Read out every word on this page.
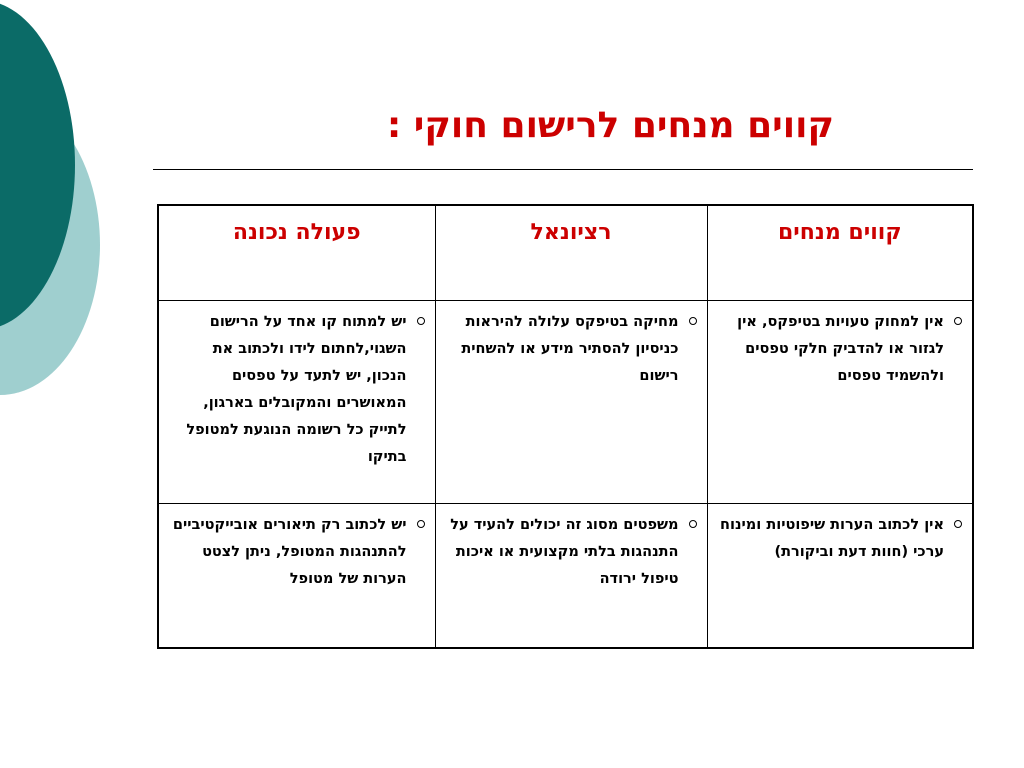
קווים מנחים לרישום חוקי :
קווים מנחים	רציונאל	פעולה נכונה

אין למחוק טעויות בטיפקס, אין לגזור או להדביק חלקי טפסים ולהשמיד טפסים	מחיקה בטיפקס עלולה להיראות כניסיון להסתיר מידע או להשחית רישום	יש למתוח קו אחד על הרישום השגוי,לחתום לידו ולכתוב את הנכון, יש לתעד על טפסים המאושרים והמקובלים בארגון, לתייק כל רשומה הנוגעת למטופל בתיקו

אין לכתוב הערות שיפוטיות ומינוח ערכי (חוות דעת וביקורת)	משפטים מסוג זה יכולים להעיד על התנהגות בלתי מקצועית או איכות טיפול ירודה	יש לכתוב רק תיאורים אובייקטיביים להתנהגות המטופל, ניתן לצטט הערות של מטופל
